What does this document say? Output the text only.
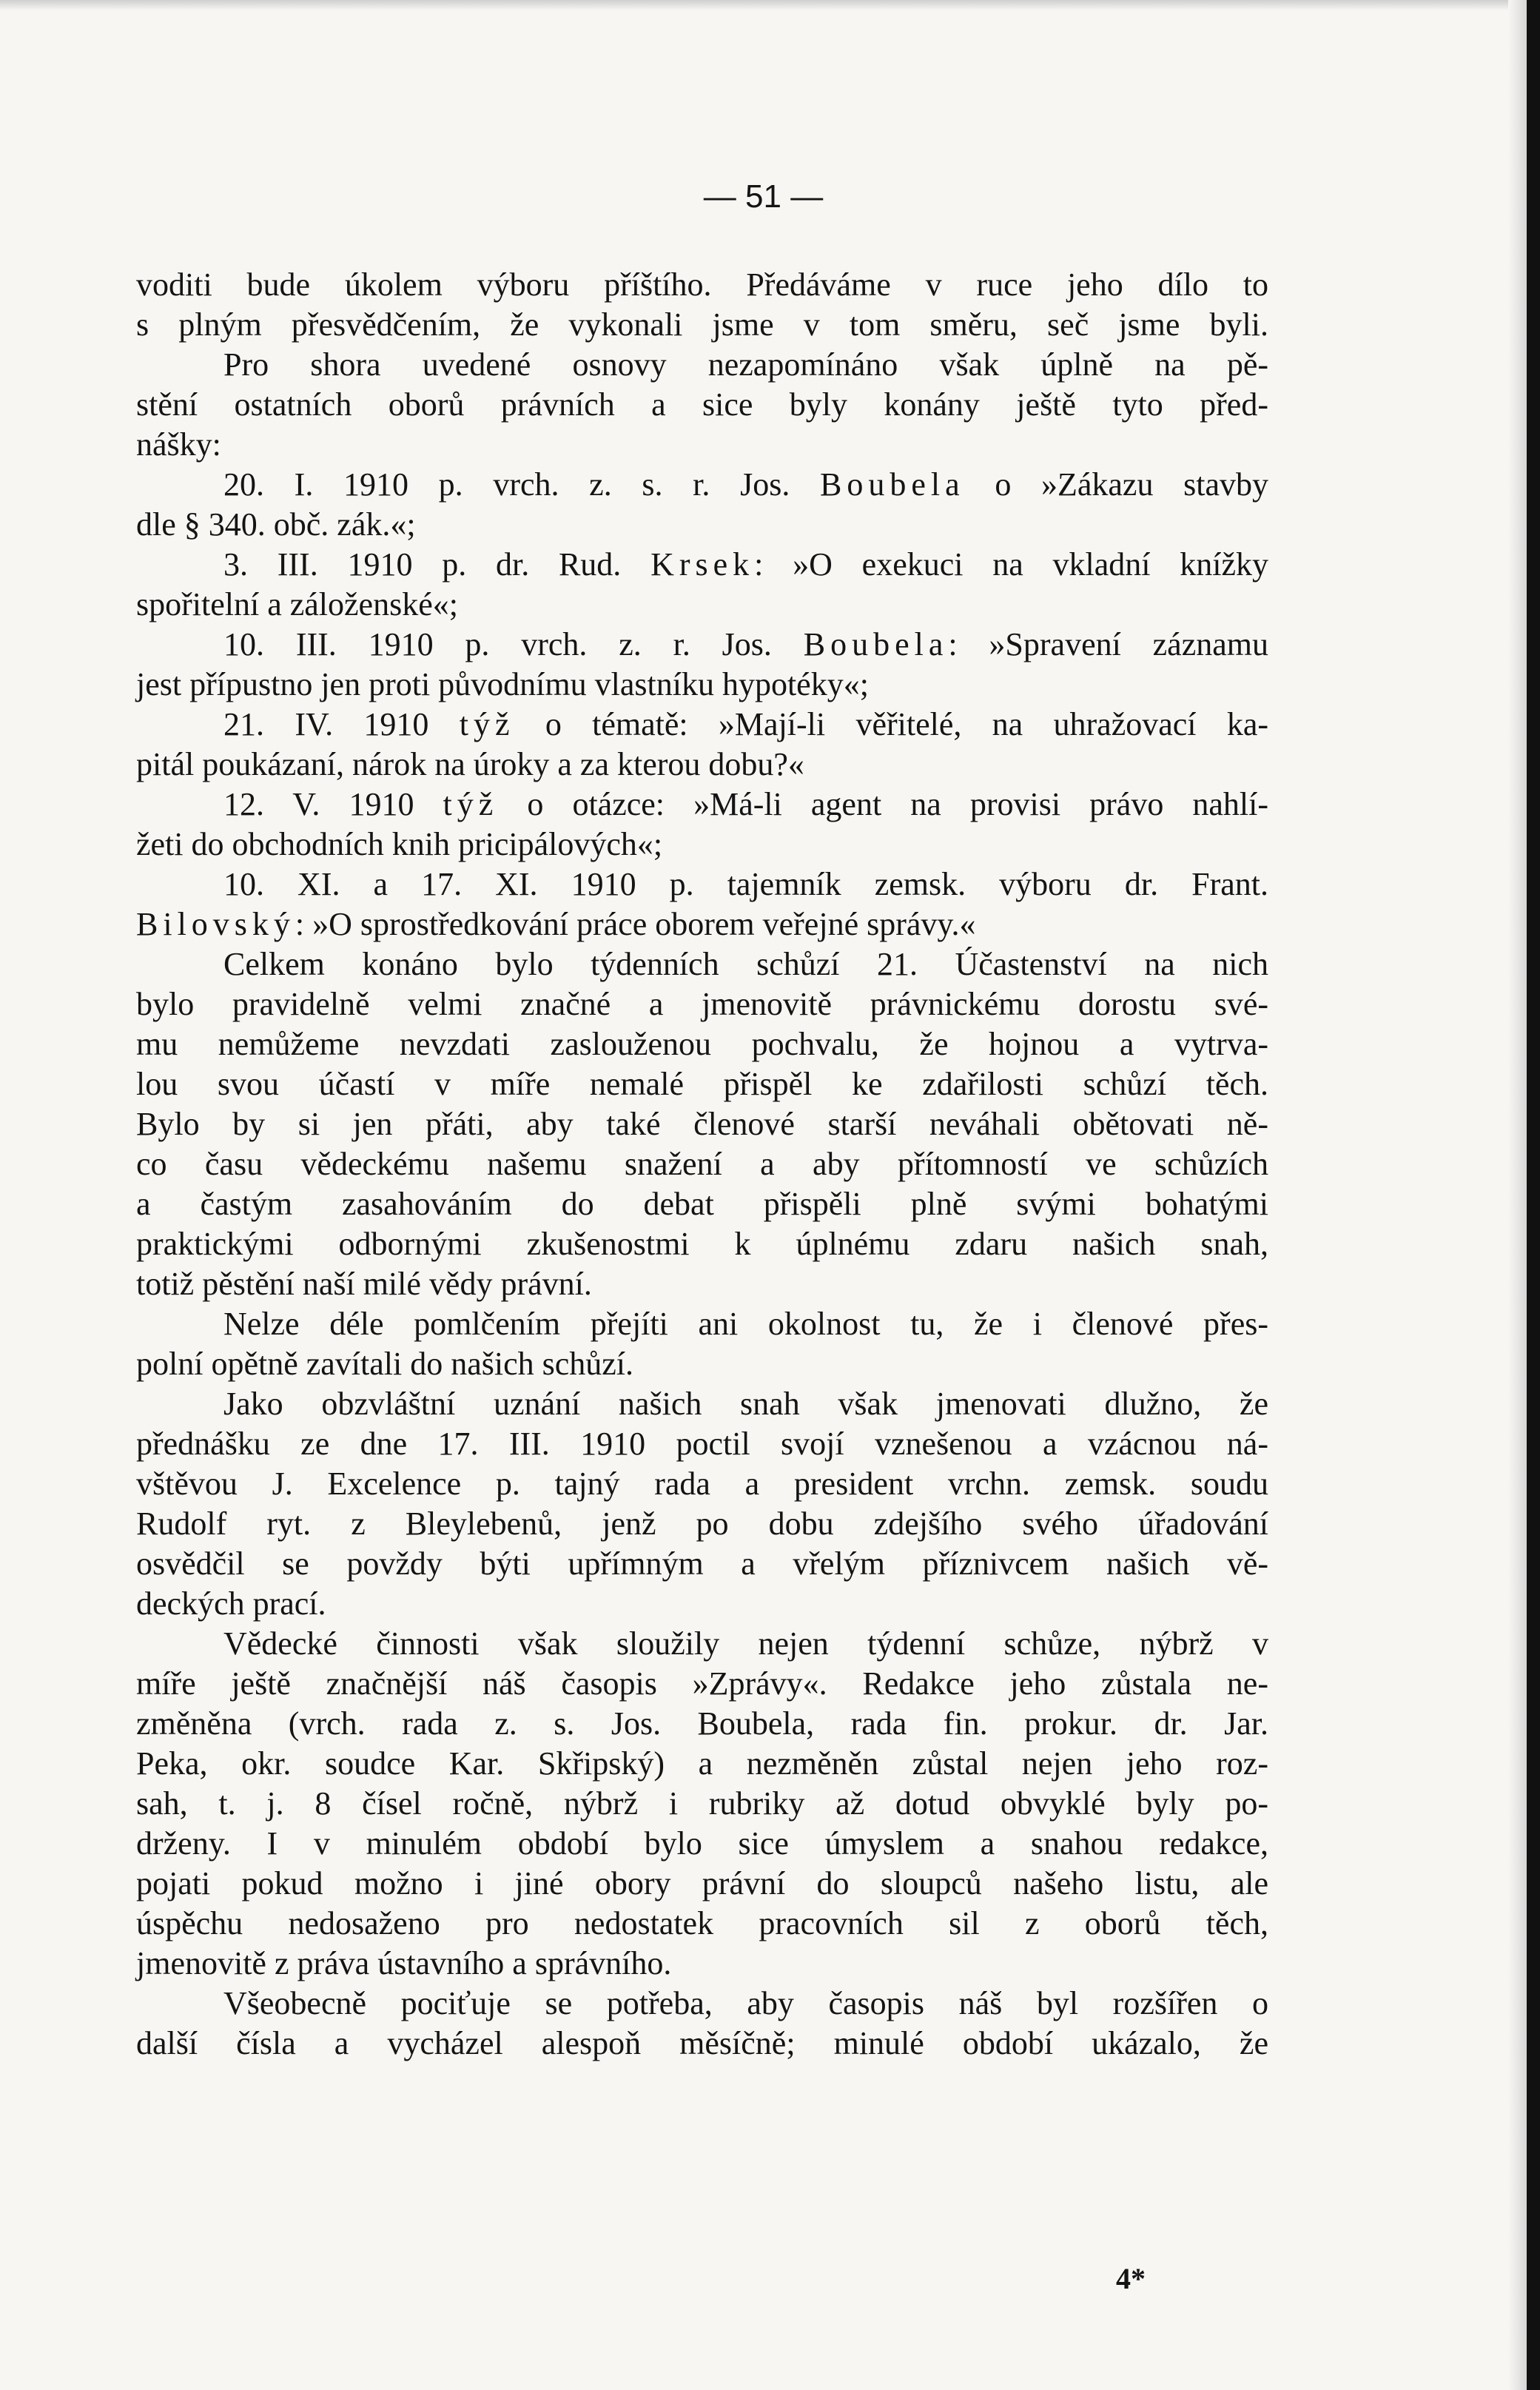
— 51 —
voditi bude úkolem výboru příštího. Předáváme v ruce jeho dílo to
s plným přesvědčením, že vykonali jsme v tom směru, seč jsme byli.
Pro shora uvedené osnovy nezapomínáno však úplně na pě-
stění ostatních oborů právních a sice byly konány ještě tyto před-
nášky:
20. I. 1910 p. vrch. z. s. r. Jos. Boubela o »Zákazu stavby
dle § 340. obč. zák.«;
3. III. 1910 p. dr. Rud. Krsek: »O exekuci na vkladní knížky
spořitelní a záloženské«;
10. III. 1910 p. vrch. z. r. Jos. Boubela: »Spravení záznamu
jest přípustno jen proti původnímu vlastníku hypotéky«;
21. IV. 1910 týž o tématě: »Mají-li věřitelé, na uhražovací ka-
pitál poukázaní, nárok na úroky a za kterou dobu?«
12. V. 1910 týž o otázce: »Má-li agent na provisi právo nahlí-
žeti do obchodních knih pricipálových«;
10. XI. a 17. XI. 1910 p. tajemník zemsk. výboru dr. Frant.
Bilovský: »O sprostředkování práce oborem veřejné správy.«
Celkem konáno bylo týdenních schůzí 21. Účastenství na nich
bylo pravidelně velmi značné a jmenovitě právnickému dorostu své-
mu nemůžeme nevzdati zaslouženou pochvalu, že hojnou a vytrva-
lou svou účastí v míře nemalé přispěl ke zdařilosti schůzí těch.
Bylo by si jen přáti, aby také členové starší neváhali obětovati ně-
co času vědeckému našemu snažení a aby přítomností ve schůzích
a častým zasahováním do debat přispěli plně svými bohatými
praktickými odbornými zkušenostmi k úplnému zdaru našich snah,
totiž pěstění naší milé vědy právní.
Nelze déle pomlčením přejíti ani okolnost tu, že i členové přes-
polní opětně zavítali do našich schůzí.
Jako obzvláštní uznání našich snah však jmenovati dlužno, že
přednášku ze dne 17. III. 1910 poctil svojí vznešenou a vzácnou ná-
vštěvou J. Excelence p. tajný rada a president vrchn. zemsk. soudu
Rudolf ryt. z Bleylebenů, jenž po dobu zdejšího svého úřadování
osvědčil se povždy býti upřímným a vřelým příznivcem našich vě-
deckých prací.
Vědecké činnosti však sloužily nejen týdenní schůze, nýbrž v
míře ještě značnější náš časopis »Zprávy«. Redakce jeho zůstala ne-
změněna (vrch. rada z. s. Jos. Boubela, rada fin. prokur. dr. Jar.
Peka, okr. soudce Kar. Skřipský) a nezměněn zůstal nejen jeho roz-
sah, t. j. 8 čísel ročně, nýbrž i rubriky až dotud obvyklé byly po-
drženy. I v minulém období bylo sice úmyslem a snahou redakce,
pojati pokud možno i jiné obory právní do sloupců našeho listu, ale
úspěchu nedosaženo pro nedostatek pracovních sil z oborů těch,
jmenovitě z práva ústavního a správního.
Všeobecně pociťuje se potřeba, aby časopis náš byl rozšířen o
další čísla a vycházel alespoň měsíčně; minulé období ukázalo, že
4*
